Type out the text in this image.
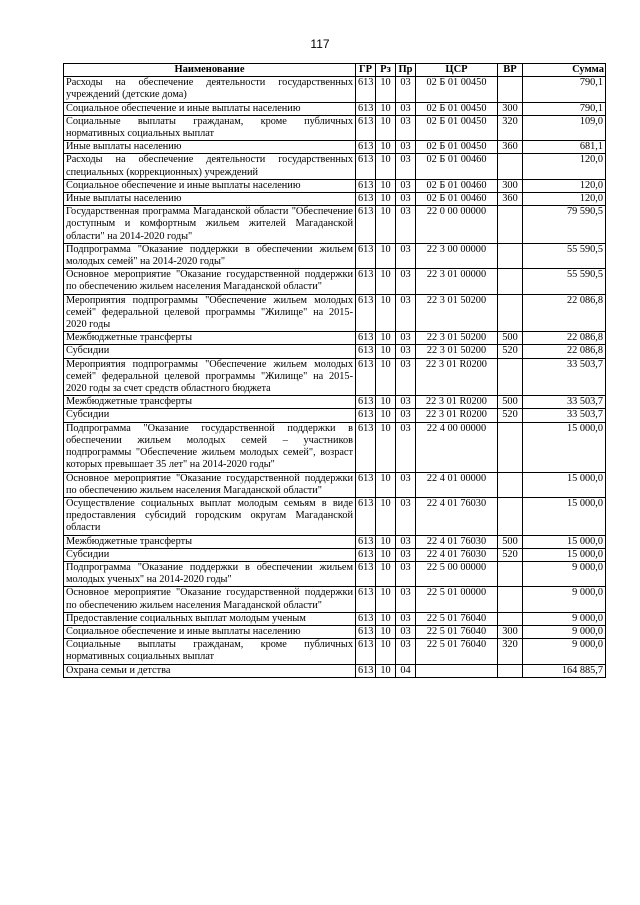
117
Наименование	ГР	Рз	Пр	ЦСР	ВР	Сумма
Расходы на обеспечение деятельности государственных учреждений (детские дома)	613	10	03	02 Б 01 00450		790,1
Социальное обеспечение и иные выплаты населению	613	10	03	02 Б 01 00450	300	790,1
Социальные выплаты гражданам, кроме публичных нормативных социальных выплат	613	10	03	02 Б 01 00450	320	109,0
Иные выплаты населению	613	10	03	02 Б 01 00450	360	681,1
Расходы на обеспечение деятельности государственных специальных (коррекционных) учреждений	613	10	03	02 Б 01 00460		120,0
Социальное обеспечение и иные выплаты населению	613	10	03	02 Б 01 00460	300	120,0
Иные выплаты населению	613	10	03	02 Б 01 00460	360	120,0
Государственная программа Магаданской области "Обеспечение доступным и комфортным жильем жителей Магаданской области" на 2014-2020 годы"	613	10	03	22 0 00 00000		79 590,5
Подпрограмма "Оказание поддержки в обеспечении жильем молодых семей" на 2014-2020 годы"	613	10	03	22 3 00 00000		55 590,5
Основное мероприятие "Оказание государственной поддержки по обеспечению жильем населения Магаданской области"	613	10	03	22 3 01 00000		55 590,5
Мероприятия подпрограммы "Обеспечение жильем молодых семей" федеральной целевой программы "Жилище" на 2015-2020 годы	613	10	03	22 3 01 50200		22 086,8
Межбюджетные трансферты	613	10	03	22 3 01 50200	500	22 086,8
Субсидии	613	10	03	22 3 01 50200	520	22 086,8
Мероприятия подпрограммы "Обеспечение жильем молодых семей" федеральной целевой программы "Жилище" на 2015-2020 годы за счет средств областного бюджета	613	10	03	22 3 01 R0200		33 503,7
Межбюджетные трансферты	613	10	03	22 3 01 R0200	500	33 503,7
Субсидии	613	10	03	22 3 01 R0200	520	33 503,7
Подпрограмма "Оказание государственной поддержки в обеспечении жильем молодых семей – участников подпрограммы "Обеспечение жильем молодых семей", возраст которых превышает 35 лет" на 2014-2020 годы"	613	10	03	22 4 00 00000		15 000,0
Основное мероприятие "Оказание государственной поддержки по обеспечению жильем населения Магаданской области"	613	10	03	22 4 01 00000		15 000,0
Осуществление социальных выплат молодым семьям в виде предоставления субсидий городским округам Магаданской области	613	10	03	22 4 01 76030		15 000,0
Межбюджетные трансферты	613	10	03	22 4 01 76030	500	15 000,0
Субсидии	613	10	03	22 4 01 76030	520	15 000,0
Подпрограмма "Оказание поддержки в обеспечении жильем молодых ученых" на 2014-2020 годы"	613	10	03	22 5 00 00000		9 000,0
Основное мероприятие "Оказание государственной поддержки по обеспечению жильем населения Магаданской области"	613	10	03	22 5 01 00000		9 000,0
Предоставление социальных выплат молодым ученым	613	10	03	22 5 01 76040		9 000,0
Социальное обеспечение и иные выплаты населению	613	10	03	22 5 01 76040	300	9 000,0
Социальные выплаты гражданам, кроме публичных нормативных социальных выплат	613	10	03	22 5 01 76040	320	9 000,0
Охрана семьи и детства	613	10	04			164 885,7
